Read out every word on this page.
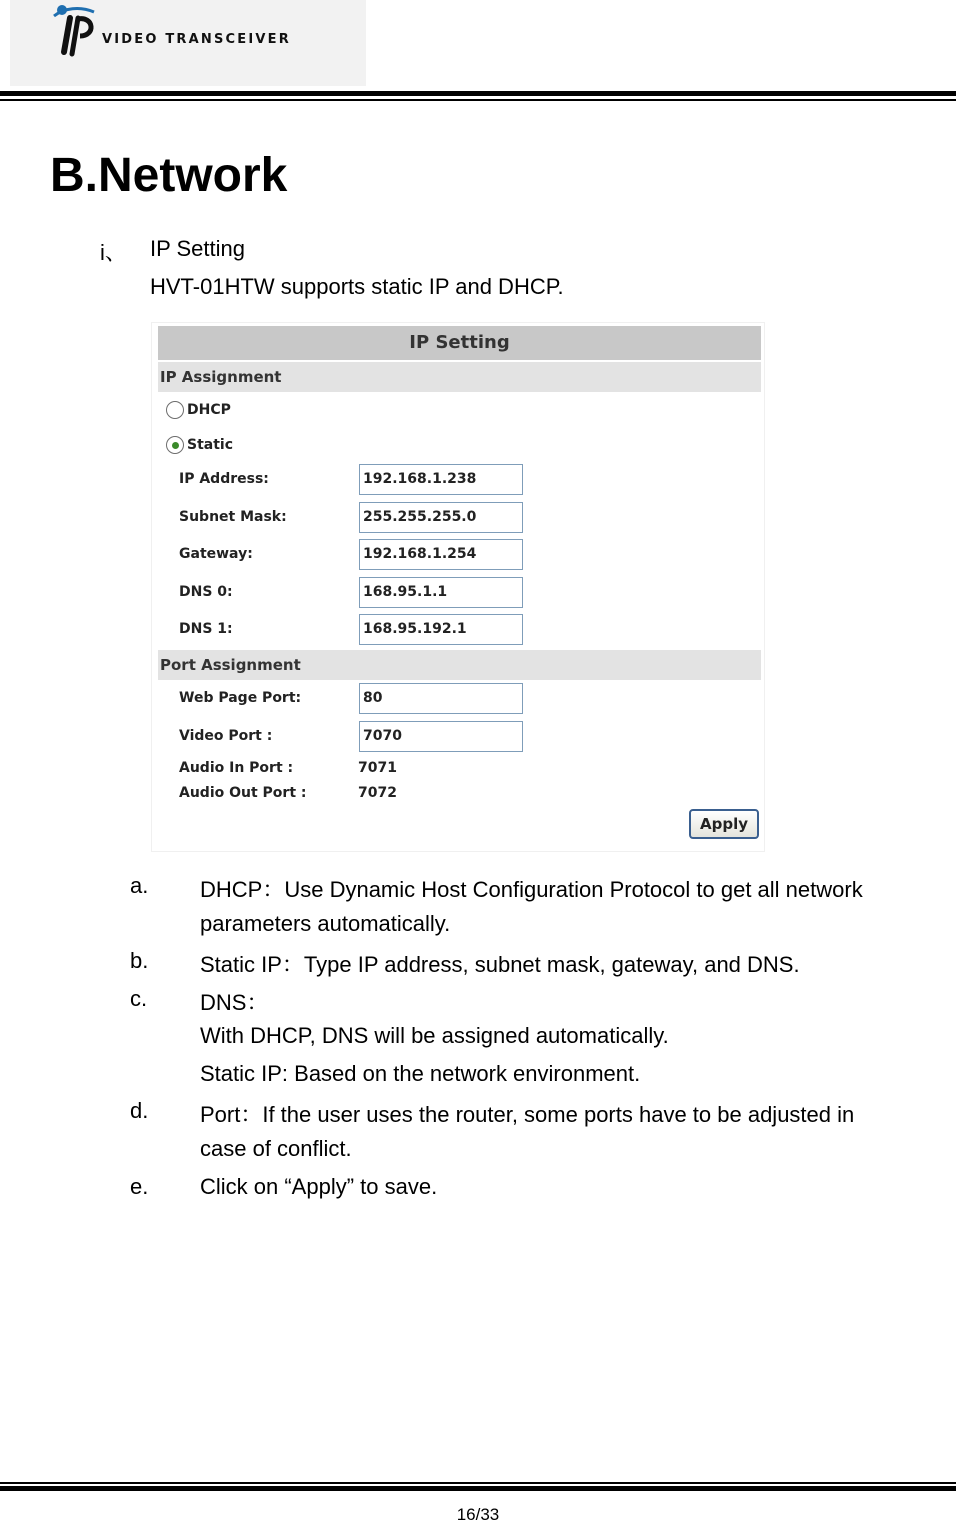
VIDEO TRANSCEIVER
B.Network
i、 IP Setting
HVT-01HTW supports static IP and DHCP.
IP Setting
IP Assignment
DHCP
Static
IP Address:	192.168.1.238
Subnet Mask:	255.255.255.0
Gateway:	192.168.1.254
DNS 0:	168.95.1.1
DNS 1:	168.95.192.1
Port Assignment
Web Page Port:	80
Video Port :	7070
Audio In Port :	7071
Audio Out Port :	7072
Apply
a. DHCP：Use Dynamic Host Configuration Protocol to get all network
parameters automatically.
b. Static IP：Type IP address, subnet mask, gateway, and DNS.
c. DNS：
With DHCP, DNS will be assigned automatically.
Static IP: Based on the network environment.
d. Port：If the user uses the router, some ports have to be adjusted in
case of conflict.
e. Click on “Apply” to save.
16/33
